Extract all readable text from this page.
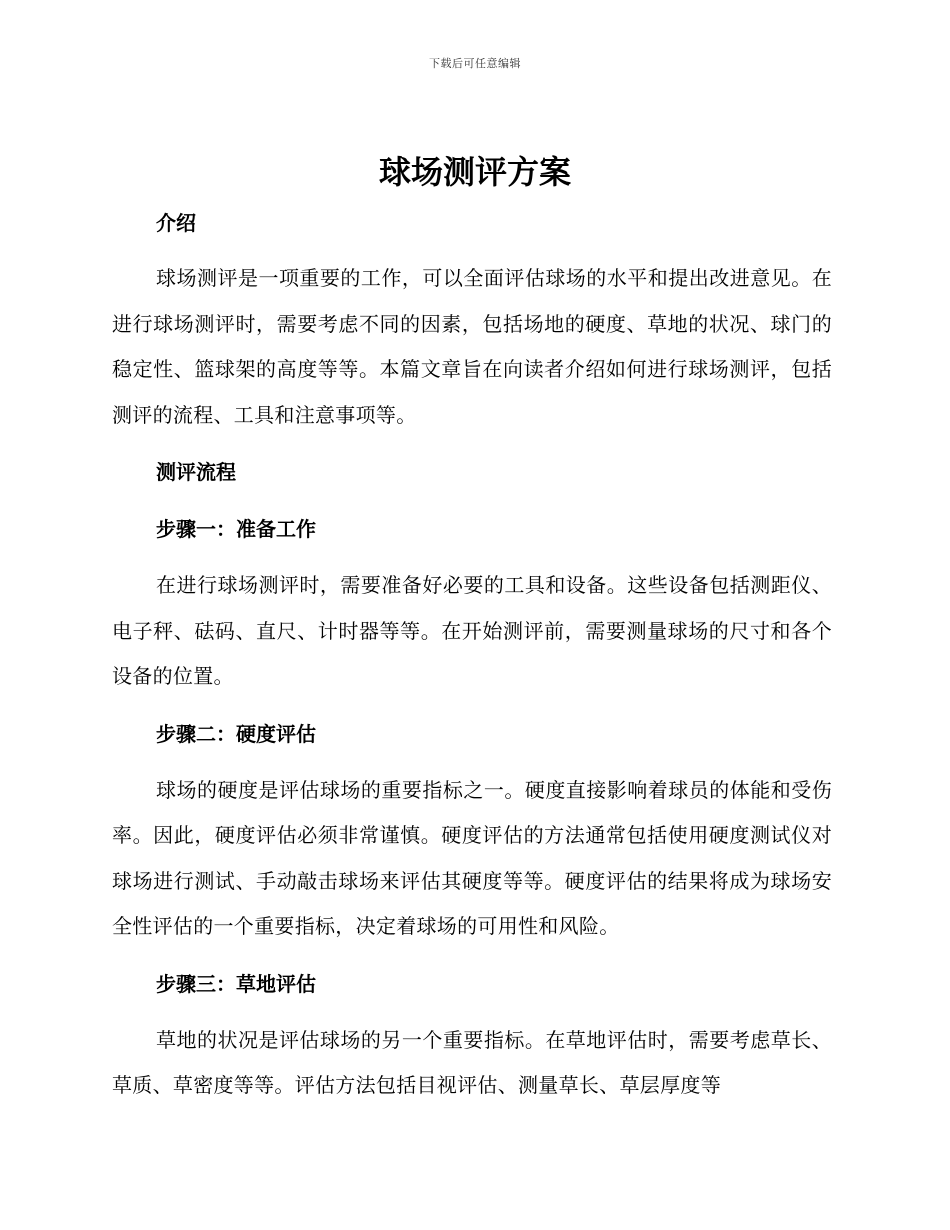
下载后可任意编辑
球场测评方案
介绍

球场测评是一项重要的工作，可以全面评估球场的水平和提出改进意见。在进行球场测评时，需要考虑不同的因素，包括场地的硬度、草地的状况、球门的稳定性、篮球架的高度等等。本篇文章旨在向读者介绍如何进行球场测评，包括测评的流程、工具和注意事项等。

测评流程
步骤一：准备工作

在进行球场测评时，需要准备好必要的工具和设备。这些设备包括测距仪、电子秤、砝码、直尺、计时器等等。在开始测评前，需要测量球场的尺寸和各个设备的位置。

步骤二：硬度评估

球场的硬度是评估球场的重要指标之一。硬度直接影响着球员的体能和受伤率。因此，硬度评估必须非常谨慎。硬度评估的方法通常包括使用硬度测试仪对球场进行测试、手动敲击球场来评估其硬度等等。硬度评估的结果将成为球场安全性评估的一个重要指标，决定着球场的可用性和风险。

步骤三：草地评估

草地的状况是评估球场的另一个重要指标。在草地评估时，需要考虑草长、草质、草密度等等。评估方法包括目视评估、测量草长、草层厚度等
